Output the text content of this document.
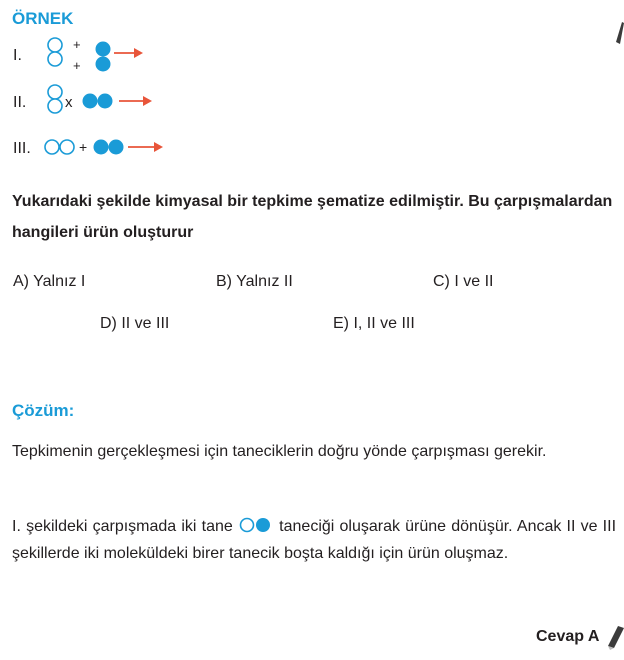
ÖRNEK
I.
+
+
II.	x
III.	+
Yukarıdaki şekilde kimyasal bir tepkime şematize edilmiştir. Bu çarpışmalardan hangileri ürün oluşturur
A) Yalnız I	B) Yalnız II	C) I ve II
D) II ve III	E) I, II ve III
Çözüm:
Tepkimenin gerçekleşmesi için taneciklerin doğru yönde çarpışması gerekir.
I. şekildeki çarpışmada iki tane	taneciği oluşarak ürüne dönüşür. Ancak II ve III şekillerde iki moleküldeki birer tanecik boşta kaldığı için ürün oluşmaz.
Cevap A
